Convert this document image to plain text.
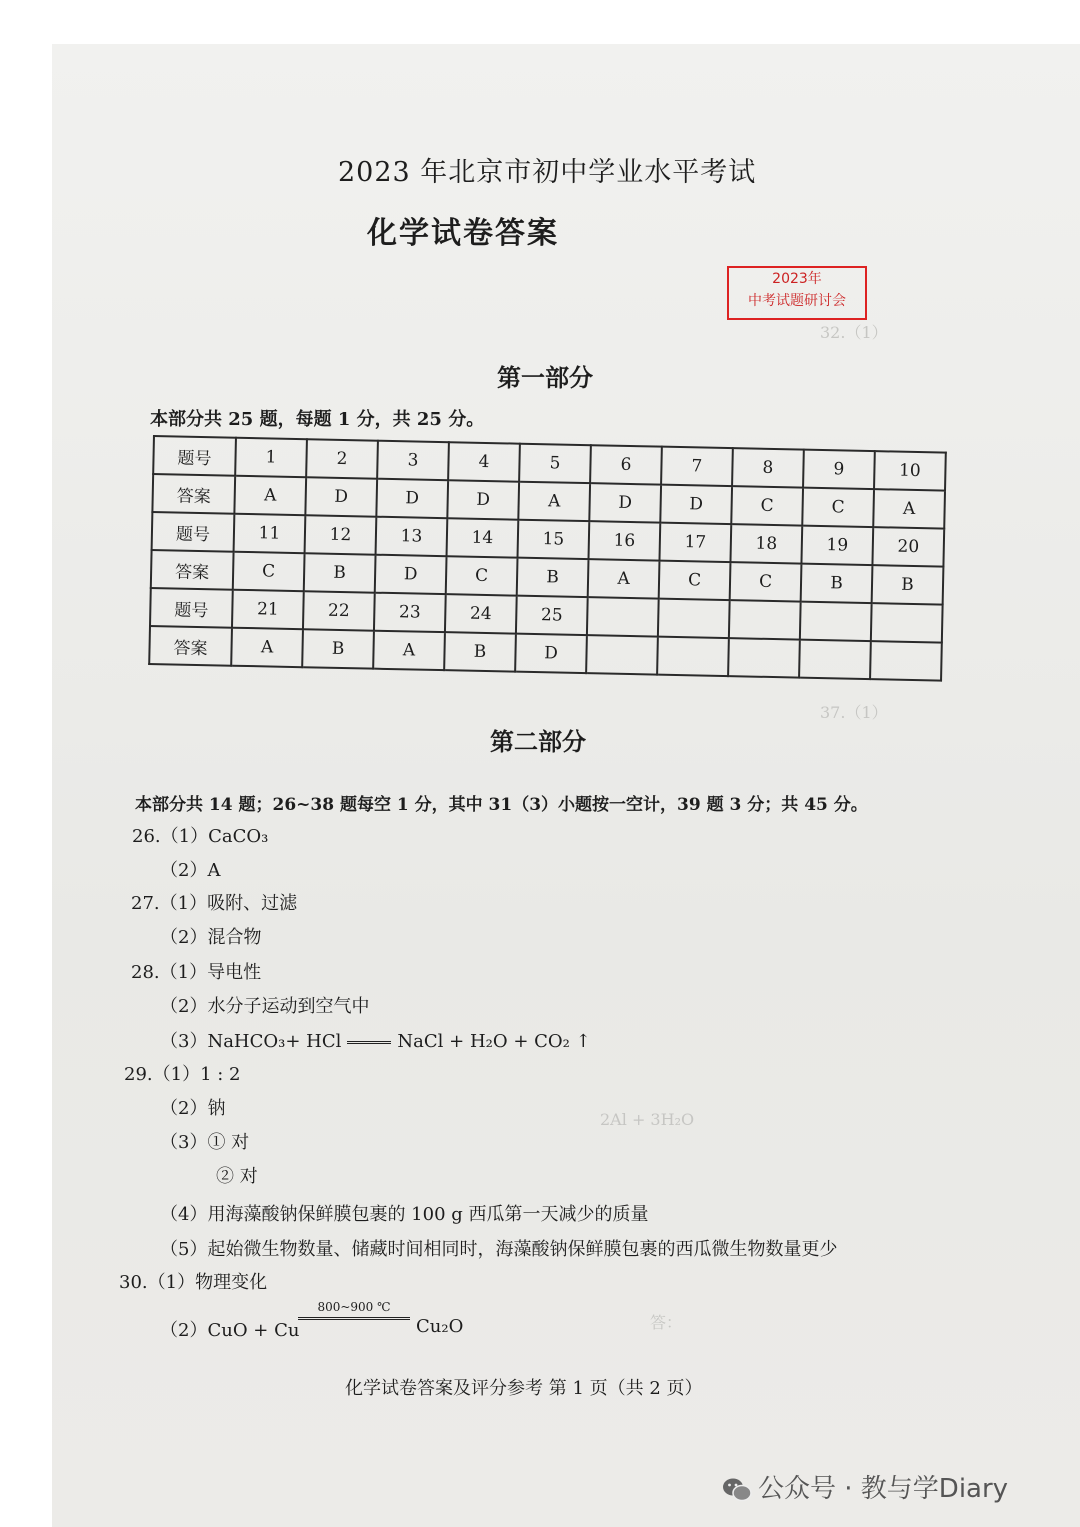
32.（1）
37.（1）
2Al + 3H₂O
答：
2023 年北京市初中学业水平考试
化学试卷答案
2023年
中考试题研讨会
第一部分
本部分共 25 题，每题 1 分，共 25 分。
题号	1	2	3	4	5	6	7	8	9	10
答案	A	D	D	D	A	D	D	C	C	A
题号	11	12	13	14	15	16	17	18	19	20
答案	C	B	D	C	B	A	C	C	B	B
题号	21	22	23	24	25					
答案	A	B	A	B	D					
第二部分
本部分共 14 题；26~38 题每空 1 分，其中 31（3）小题按一空计，39 题 3 分；共 45 分。
26.（1）CaCO₃
（2）A
27.（1）吸附、过滤
（2）混合物
28.（1）导电性
（2）水分子运动到空气中
（3）NaHCO₃+ HCl	NaCl + H₂O + CO₂ ↑
29.（1）1 : 2
（2）钠
（3）① 对
② 对
（4）用海藻酸钠保鲜膜包裹的 100 g 西瓜第一天减少的质量
（5）起始微生物数量、储藏时间相同时，海藻酸钠保鲜膜包裹的西瓜微生物数量更少
30.（1）物理变化
（2）CuO + Cu
800~900 ℃
Cu₂O
化学试卷答案及评分参考 第 1 页（共 2 页）
公众号 · 教与学Diary
